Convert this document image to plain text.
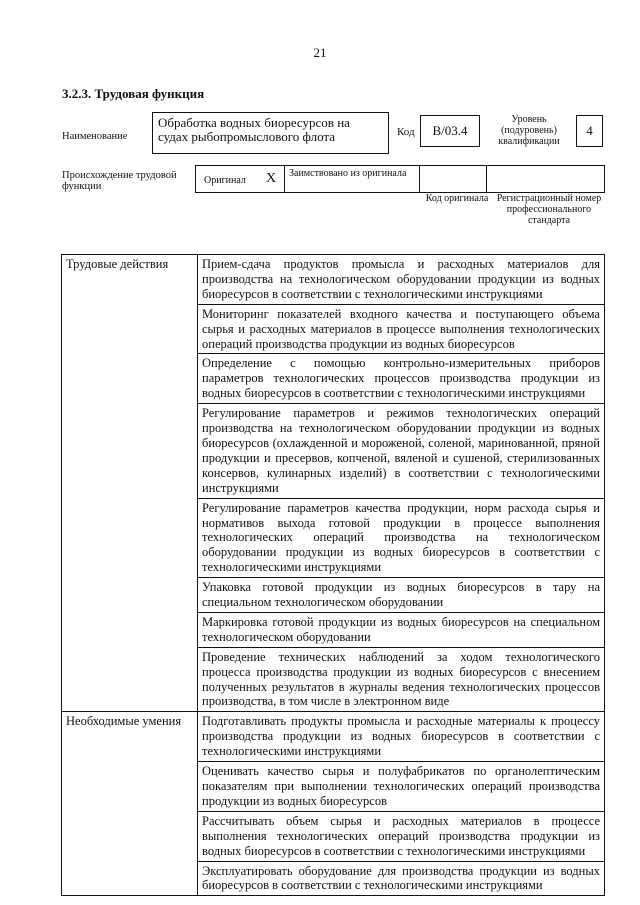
21
3.2.3. Трудовая функция
Наименование
Обработка водных биоресурсов на судах рыбопромыслового флота	Код	B/03.4
Уровень (подуровень) квалификации
4
Происхождение трудовой функции
Оригинал X Заимствовано из оригинала
Код оригинала Регистрационный номер профессионального стандарта
Трудовые действия	Прием-сдача продуктов промысла и расходных материалов для производства на технологическом оборудовании продукции из водных биоресурсов в соответствии с технологическими инструкциями
	Мониторинг показателей входного качества и поступающего объема сырья и расходных материалов в процессе выполнения технологических операций производства продукции из водных биоресурсов
	Определение с помощью контрольно-измерительных приборов параметров технологических процессов производства продукции из водных биоресурсов в соответствии с технологическими инструкциями
	Регулирование параметров и режимов технологических операций производства на технологическом оборудовании продукции из водных биоресурсов (охлажденной и мороженой, соленой, маринованной, пряной продукции и пресервов, копченой, вяленой и сушеной, стерилизованных консервов, кулинарных изделий) в соответствии с технологическими инструкциями
	Регулирование параметров качества продукции, норм расхода сырья и нормативов выхода готовой продукции в процессе выполнения технологических операций производства на технологическом оборудовании продукции из водных биоресурсов в соответствии с технологическими инструкциями
	Упаковка готовой продукции из водных биоресурсов в тару на специальном технологическом оборудовании
	Маркировка готовой продукции из водных биоресурсов на специальном технологическом оборудовании
	Проведение технических наблюдений за ходом технологического процесса производства продукции из водных биоресурсов с внесением полученных результатов в журналы ведения технологических процессов производства, в том числе в электронном виде
Необходимые умения	Подготавливать продукты промысла и расходные материалы к процессу производства продукции из водных биоресурсов в соответствии с технологическими инструкциями
	Оценивать качество сырья и полуфабрикатов по органолептическим показателям при выполнении технологических операций производства продукции из водных биоресурсов
	Рассчитывать объем сырья и расходных материалов в процессе выполнения технологических операций производства продукции из водных биоресурсов в соответствии с технологическими инструкциями
	Эксплуатировать оборудование для производства продукции из водных биоресурсов в соответствии с технологическими инструкциями
